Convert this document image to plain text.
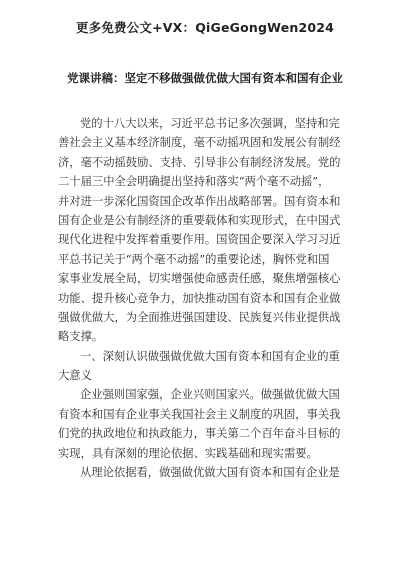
更多免费公文+VX：QiGeGongWen2024
党课讲稿：坚定不移做强做优做大国有资本和国有企业
党的十八大以来，习近平总书记多次强调，坚持和完
善社会主义基本经济制度，毫不动摇巩固和发展公有制经
济，毫不动摇鼓励、支持、引导非公有制经济发展。党的
二十届三中全会明确提出坚持和落实“两个毫不动摇”，
并对进一步深化国资国企改革作出战略部署。国有资本和
国有企业是公有制经济的重要载体和实现形式，在中国式
现代化进程中发挥着重要作用。国资国企要深入学习习近
平总书记关于“两个毫不动摇”的重要论述，胸怀党和国
家事业发展全局，切实增强使命感责任感，聚焦增强核心
功能、提升核心竞争力，加快推动国有资本和国有企业做
强做优做大，为全面推进强国建设、民族复兴伟业提供战
略支撑。
一、深刻认识做强做优做大国有资本和国有企业的重
大意义
企业强则国家强，企业兴则国家兴。做强做优做大国
有资本和国有企业事关我国社会主义制度的巩固，事关我
们党的执政地位和执政能力，事关第二个百年奋斗目标的
实现，具有深刻的理论依据、实践基础和现实需要。
从理论依据看，做强做优做大国有资本和国有企业是
